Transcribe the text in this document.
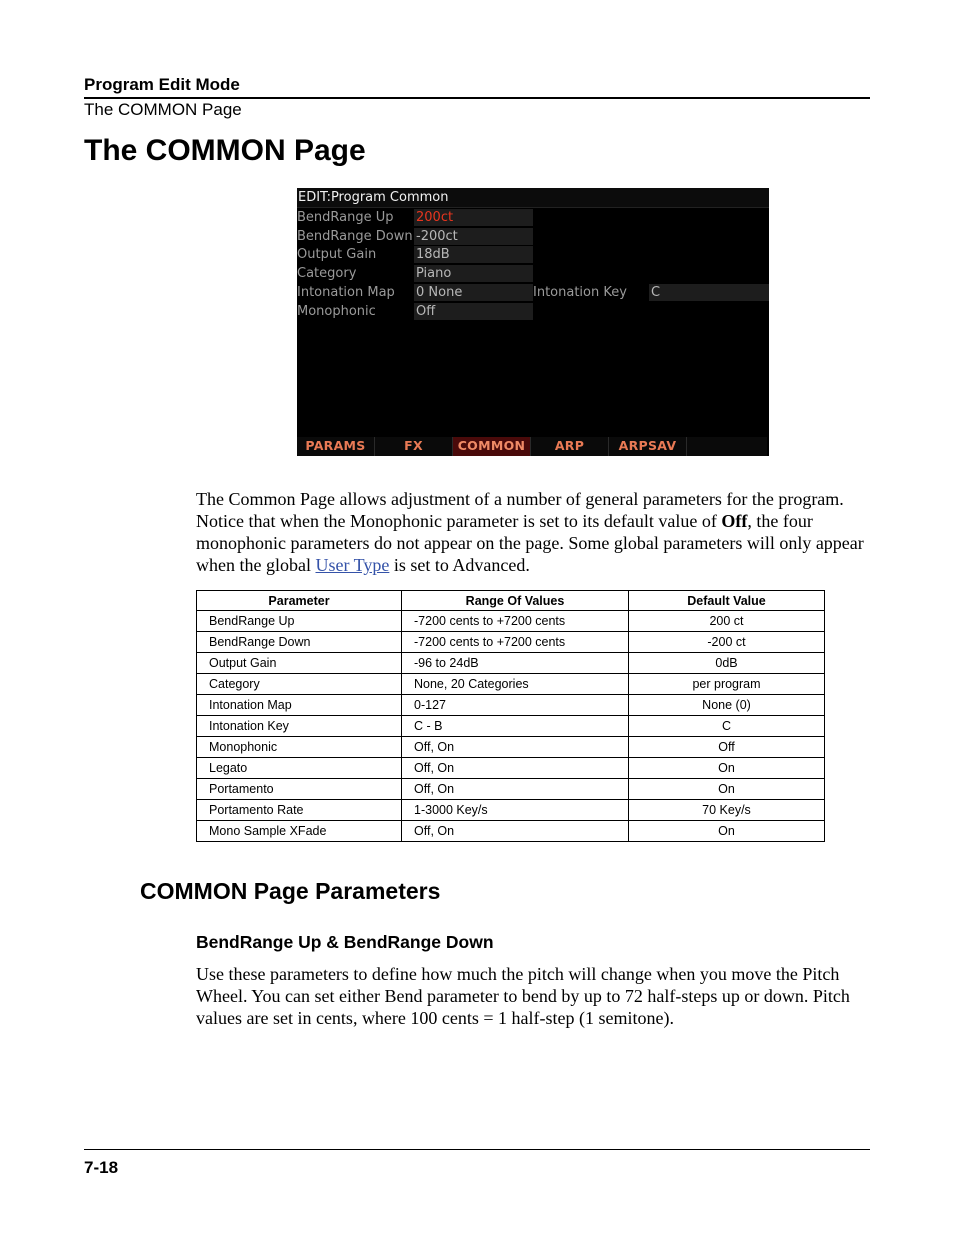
Program Edit Mode
The COMMON Page
The COMMON Page
EDIT:Program Common
BendRange Up 200ct
BendRange Down -200ct
Output Gain	18dB
Category	Piano
Intonation Map 0 None	Intonation Key C
Monophonic	Off
PARAMS	FX	COMMON	ARP	ARPSAV

The Common Page allows adjustment of a number of general parameters for the program. Notice that when the Monophonic parameter is set to its default value of Off, the four monophonic parameters do not appear on the page. Some global parameters will only appear when the global User Type is set to Advanced.

Parameter	Range Of Values	Default Value
BendRange Up	-7200 cents to +7200 cents	200 ct
BendRange Down	-7200 cents to +7200 cents	-200 ct
Output Gain	-96 to 24dB	0dB
Category	None, 20 Categories	per program
Intonation Map	0-127	None (0)
Intonation Key	C - B	C
Monophonic	Off, On	Off
Legato	Off, On	On
Portamento	Off, On	On
Portamento Rate	1-3000 Key/s	70 Key/s
Mono Sample XFade	Off, On	On
COMMON Page Parameters
BendRange Up & BendRange Down

Use these parameters to define how much the pitch will change when you move the Pitch Wheel. You can set either Bend parameter to bend by up to 72 half-steps up or down. Pitch values are set in cents, where 100 cents = 1 half-step (1 semitone).

7-18
